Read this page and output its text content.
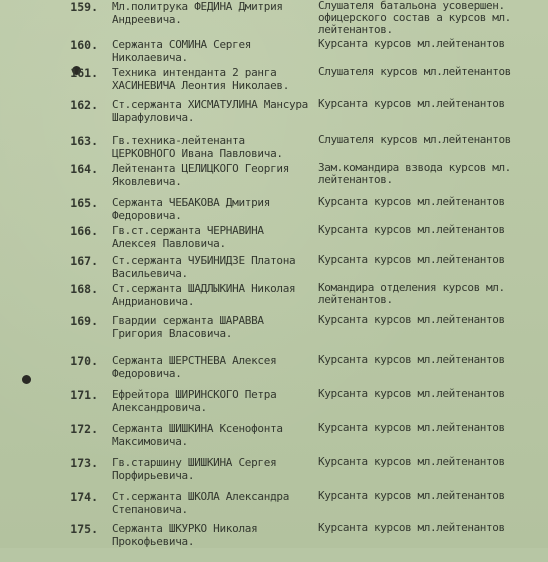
159. Мл.политрука ФЕДИНА Дмитрия Андреевича.
Слушателя батальона усовершен. офицерского состав а курсов мл. лейтенантов.
160. Сержанта СОМИНА Сергея Николаевича.
Курсанта курсов мл.лейтенантов
161. Техника интенданта 2 ранга ХАСИНЕВИЧА Леонтия Николаев.
Слушателя курсов мл.лейтенантов
162. Ст.сержанта ХИСМАТУЛИНА Мансура Шарафуловича.
Курсанта курсов мл.лейтенантов
163. Гв.техника-лейтенанта ЦЕРКОВНОГО Ивана Павловича.
Слушателя курсов мл.лейтенантов
164. Лейтенанта ЦЕЛИЦКОГО Георгия Яковлевича.
Зам.командира взвода курсов мл. лейтенантов.
165. Сержанта ЧЕБАКОВА Дмитрия Федоровича.
Курсанта курсов мл.лейтенантов
166. Гв.ст.сержанта ЧЕРНАВИНА Алексея Павловича.
Курсанта курсов мл.лейтенантов
167. Ст.сержанта ЧУБИНИДЗЕ Платона Васильевича.
Курсанта курсов мл.лейтенантов
168. Ст.сержанта ШАДЛЫКИНА Николая Андриановича.
Командира отделения курсов мл. лейтенантов.
169. Гвардии сержанта ШАРАВВА Григория Власовича.
Курсанта курсов мл.лейтенантов
170. Сержанта ШЕРСТНЕВА Алексея Федоровича.
Курсанта курсов мл.лейтенантов
171. Ефрейтора ШИРИНСКОГО Петра Александровича.
Курсанта курсов мл.лейтенантов
172. Сержанта ШИШКИНА Ксенофонта Максимовича.
Курсанта курсов мл.лейтенантов
173. Гв.старшину ШИШКИНА Сергея Порфирьевича.
Курсанта курсов мл.лейтенантов
174. Ст.сержанта ШКОЛА Александра Степановича.
Курсанта курсов мл.лейтенантов
175. Сержанта ШКУРКО Николая Прокофьевича.
Курсанта курсов мл.лейтенантов
